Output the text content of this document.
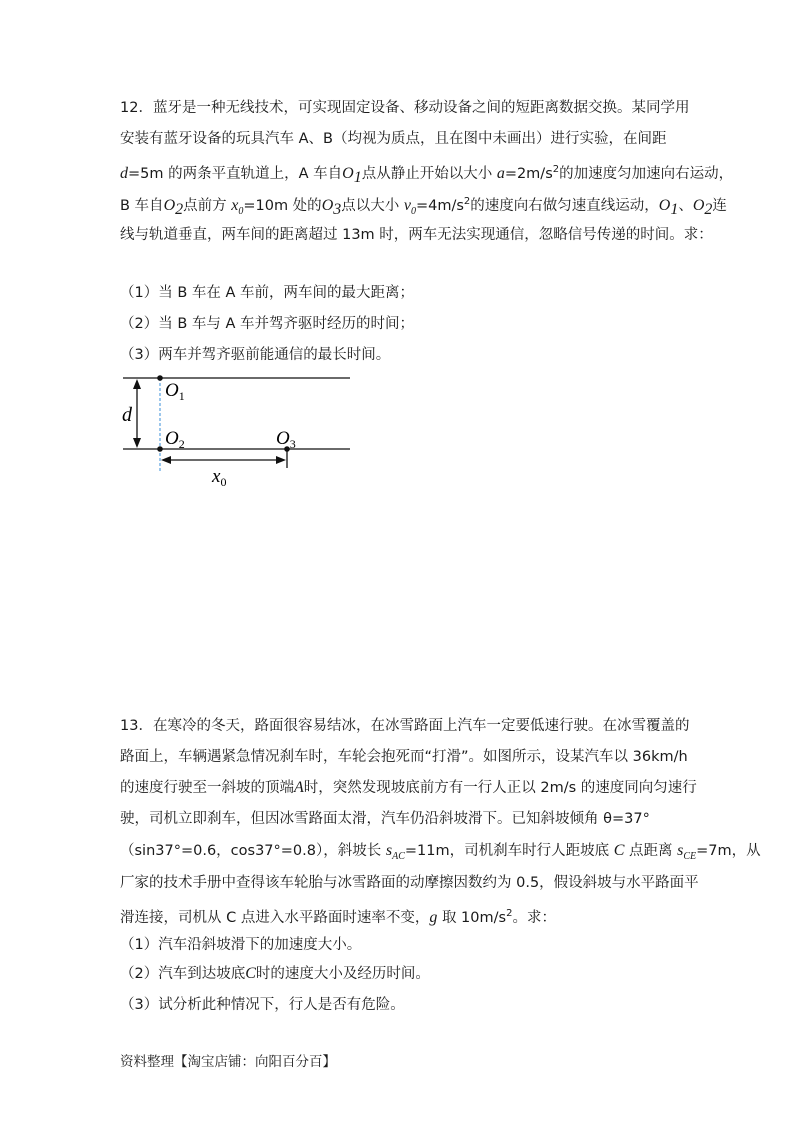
12．蓝牙是一种无线技术，可实现固定设备、移动设备之间的短距离数据交换。某同学用
安装有蓝牙设备的玩具汽车 A、B（均视为质点，且在图中未画出）进行实验，在间距
d=5m 的两条平直轨道上，A 车自$O_1$点从静止开始以大小 $a=2m/s^2$的加速度匀加速向右运动，
B 车自$O_2$点前方 $x_0=10m$ 处的$O_3$点以大小 $v_0=4m/s^2$的速度向右做匀速直线运动，$O_1$、$O_2$连
线与轨道垂直，两车间的距离超过 13m 时，两车无法实现通信，忽略信号传递的时间。求：
（1）当 B 车在 A 车前，两车间的最大距离；
（2）当 B 车与 A 车并驾齐驱时经历的时间；
（3）两车并驾齐驱前能通信的最长时间。
d
$O_1$
$O_2$	$O_3$
$x_0$
13．在寒冷的冬天，路面很容易结冰，在冰雪路面上汽车一定要低速行驶。在冰雪覆盖的
路面上，车辆遇紧急情况刹车时，车轮会抱死而“打滑”。如图所示，设某汽车以 36km/h
的速度行驶至一斜坡的顶端A时，突然发现坡底前方有一行人正以 2m/s 的速度同向匀速行
驶，司机立即刹车，但因冰雪路面太滑，汽车仍沿斜坡滑下。已知斜坡倾角 θ=37°
（sin37°=0.6，cos37°=0.8），斜坡长 $s_{AC}=11m$，司机刹车时行人距坡底 C 点距离 $s_{CE}=7m$，从
厂家的技术手册中查得该车轮胎与冰雪路面的动摩擦因数约为 0.5，假设斜坡与水平路面平
滑连接，司机从 C 点进入水平路面时速率不变，g 取 $10m/s^2$。求：
（1）汽车沿斜坡滑下的加速度大小。
（2）汽车到达坡底C时的速度大小及经历时间。
（3）试分析此种情况下，行人是否有危险。
资料整理【淘宝店铺：向阳百分百】
